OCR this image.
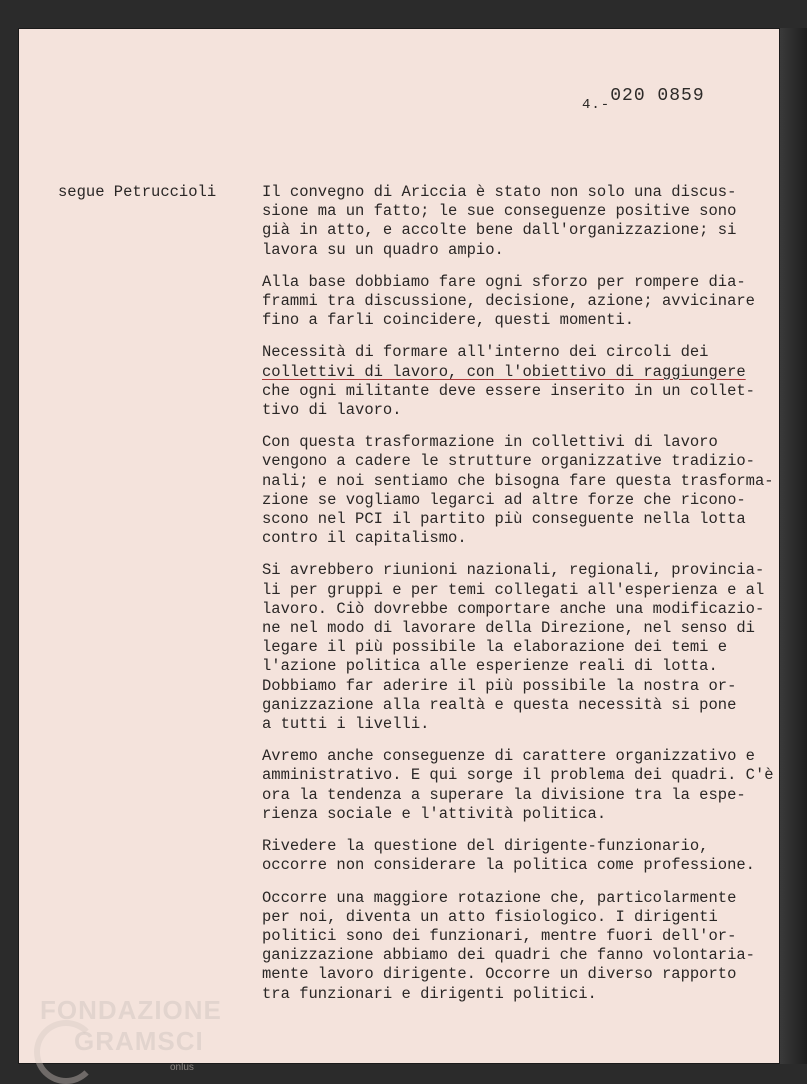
$_{4.-}$020 0859
segue Petruccioli	Il convegno di Ariccia è stato non solo una discus-
sione ma un fatto; le sue conseguenze positive sono
già in atto, e accolte bene dall'organizzazione; si
lavora su un quadro ampio.

Alla base dobbiamo fare ogni sforzo per rompere dia-
frammi tra discussione, decisione, azione; avvicinare
fino a farli coincidere, questi momenti.

Necessità di formare all'interno dei circoli dei
collettivi di lavoro, con l'obiettivo di raggiungere
che ogni militante deve essere inserito in un collet-
tivo di lavoro.

Con questa trasformazione in collettivi di lavoro
vengono a cadere le strutture organizzative tradizio-
nali; e noi sentiamo che bisogna fare questa trasforma-
zione se vogliamo legarci ad altre forze che ricono-
scono nel PCI il partito più conseguente nella lotta
contro il capitalismo.

Si avrebbero riunioni nazionali, regionali, provincia-
li per gruppi e per temi collegati all'esperienza e al
lavoro. Ciò dovrebbe comportare anche una modificazio-
ne nel modo di lavorare della Direzione, nel senso di
legare il più possibile la elaborazione dei temi e
l'azione politica alle esperienze reali di lotta.
Dobbiamo far aderire il più possibile la nostra or-
ganizzazione alla realtà e questa necessità si pone
a tutti i livelli.

Avremo anche conseguenze di carattere organizzativo e
amministrativo. E qui sorge il problema dei quadri. C'è
ora la tendenza a superare la divisione tra la espe-
rienza sociale e l'attività politica.

Rivedere la questione del dirigente-funzionario,
occorre non considerare la politica come professione.

Occorre una maggiore rotazione che, particolarmente
per noi, diventa un atto fisiologico. I dirigenti
politici sono dei funzionari, mentre fuori dell'or-
ganizzazione abbiamo dei quadri che fanno volontaria-
mente lavoro dirigente. Occorre un diverso rapporto
tra funzionari e dirigenti politici.

FONDAZIONE
GRAMSCI
onlus
